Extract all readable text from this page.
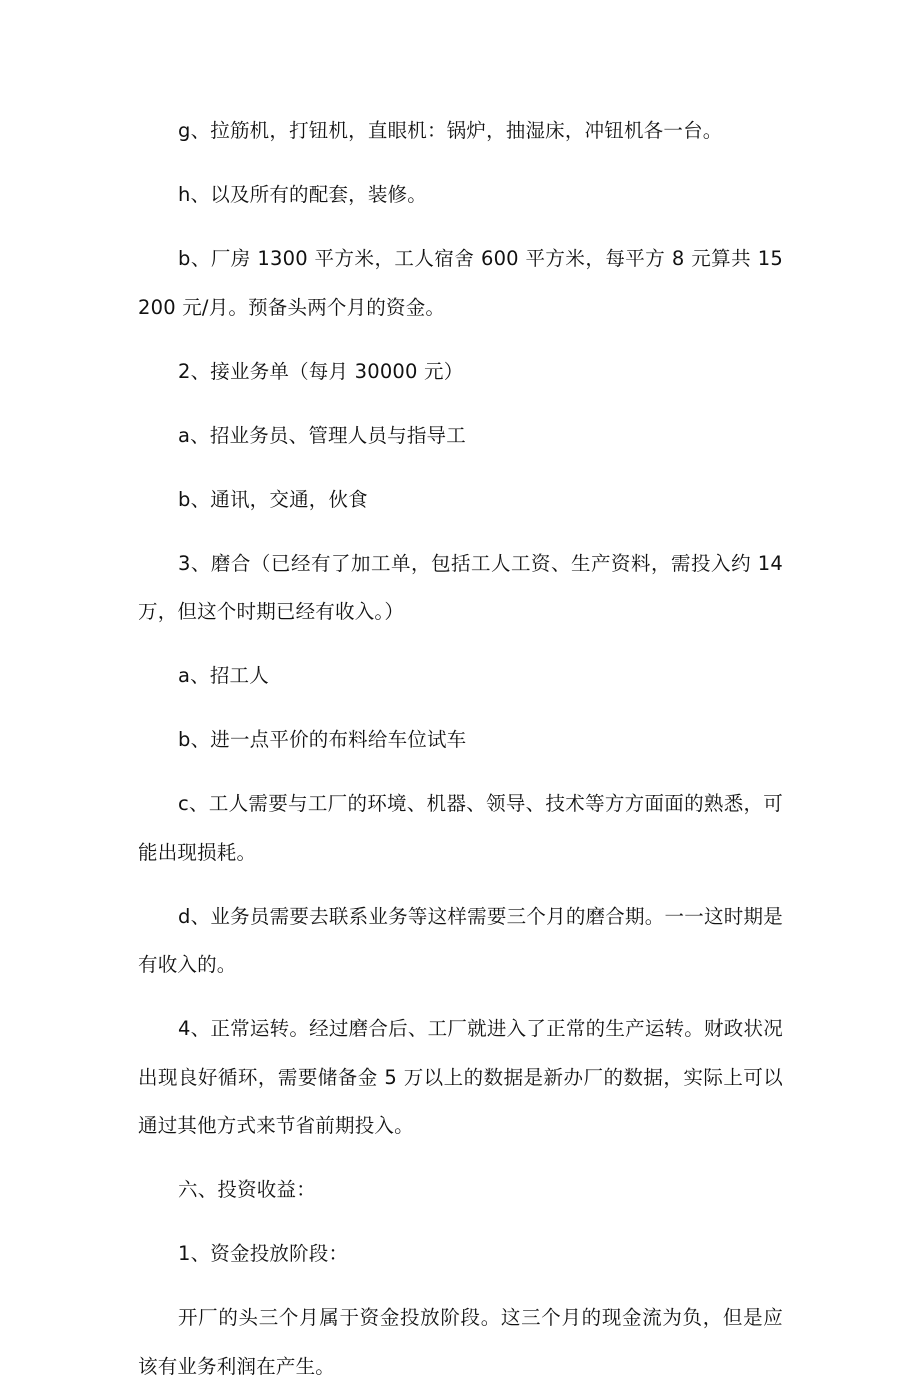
g、拉筋机，打钮机，直眼机：锅炉，抽湿床，冲钮机各一台。

h、以及所有的配套，装修。

b、厂房 1300 平方米，工人宿舍 600 平方米，每平方 8 元算共 15200 元/月。预备头两个月的资金。

2、接业务单（每月 30000 元）

a、招业务员、管理人员与指导工

b、通讯，交通，伙食

3、磨合（已经有了加工单，包括工人工资、生产资料，需投入约 14 万，但这个时期已经有收入。）

a、招工人

b、进一点平价的布料给车位试车

c、工人需要与工厂的环境、机器、领导、技术等方方面面的熟悉，可能出现损耗。

d、业务员需要去联系业务等这样需要三个月的磨合期。一一这时期是有收入的。

4、正常运转。经过磨合后、工厂就进入了正常的生产运转。财政状况出现良好循环，需要储备金 5 万以上的数据是新办厂的数据，实际上可以通过其他方式来节省前期投入。

六、投资收益：

1、资金投放阶段：

开厂的头三个月属于资金投放阶段。这三个月的现金流为负，但是应该有业务利润在产生。
